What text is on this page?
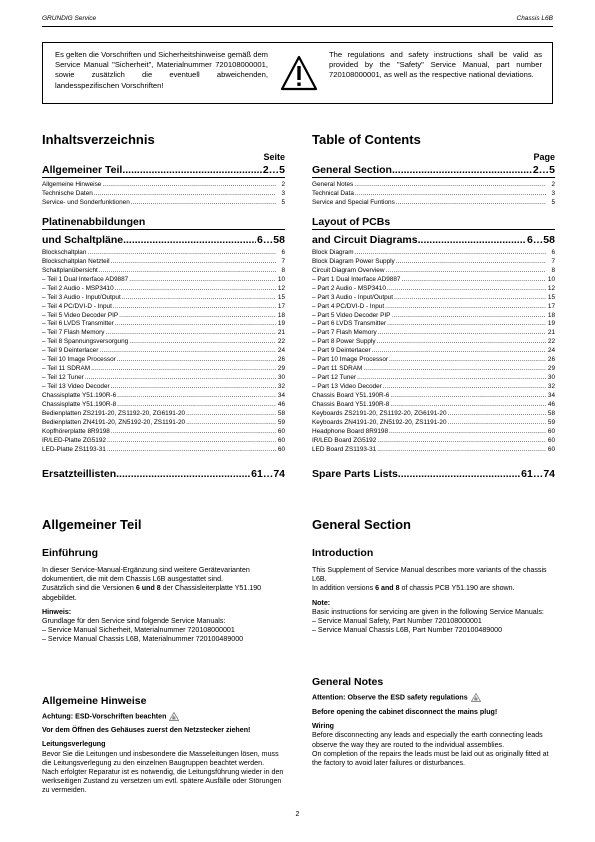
GRUNDIG Service	Chassis L6B
Es gelten die Vorschriften und Sicherheitshinweise gemäß dem Service Manual "Sicherheit", Materialnummer 720108000001, sowie zusätzlich die eventuell abweichenden, landesspezifischen Vorschriften!
The regulations and safety instructions shall be valid as provided by the "Safety" Service Manual, part number 720108000001, as well as the respective national deviations.
Inhaltsverzeichnis
Seite
Allgemeiner Teil .....	2…5
Allgemeine Hinweise .....	2
Technische Daten .....	3
Service- und Sonderfunktionen .....	5
Platinenabbildungen
und Schaltpläne .....	6…58
Blockschaltplan .....	6
Blockschaltplan Netzteil .....	7
Schaltplanübersicht .....	8
– Teil 1 Dual Interface AD9887 .....	10
– Teil 2 Audio - MSP3410 .....	12
– Teil 3 Audio - Input/Output .....	15
– Teil 4 PC/DVI-D - Input .....	17
– Teil 5 Video Decoder PIP .....	18
– Teil 6 LVDS Transmitter .....	19
– Teil 7 Flash Memory .....	21
– Teil 8 Spannungsversorgung .....	22
– Teil 9 Deinterlacer .....	24
– Teil 10 Image Processor .....	26
– Teil 11 SDRAM .....	29
– Teil 12 Tuner .....	30
– Teil 13 Video Decoder .....	32
Chassisplatte Y51.190R-6 .....	34
Chassisplatte Y51.190R-8 .....	46
Bedienplatten ZS2191-20, ZS1192-20, ZG6191-20 .....	58
Bedienplatten ZN4191-20, ZN5192-20, ZS1191-20 .....	59
Kopfhörerplatte 8R9198 .....	60
IR/LED-Platte ZG5192 .....	60
LED-Platte ZS1193-31 .....	60
Ersatzteillisten .....	61…74
Table of Contents
Page
General Section .....	2…5
General Notes .....	2
Technical Data .....	3
Service and Special Funtions .....	5
Layout of PCBs
and Circuit Diagrams .....	6…58
Block Diagram .....	6
Block Diagram Power Supply .....	7
Circuit Diagram Overview .....	8
– Part 1 Dual Interface AD9887 .....	10
– Part 2 Audio - MSP3410 .....	12
– Part 3 Audio - Input/Output .....	15
– Part 4 PC/DVI-D - Input .....	17
– Part 5 Video Decoder PIP .....	18
– Part 6 LVDS Transmitter .....	19
– Part 7 Flash Memory .....	21
– Part 8 Power Supply .....	22
– Part 9 Deinterlacer .....	24
– Part 10 Image Processor .....	26
– Part 11 SDRAM .....	29
– Part 12 Tuner .....	30
– Part 13 Video Decoder .....	32
Chassis Board Y51.190R-6 .....	34
Chassis Board Y51.190R-8 .....	46
Keyboards ZS2191-20, ZS1192-20, ZG6191-20 .....	58
Keyboards ZN4191-20, ZN5192-20, ZS1191-20 .....	59
Headphone Board 8R9198 .....	60
IR/LED Board ZG5192 .....	60
LED Board ZS1193-31 .....	60
Spare Parts Lists .....	61…74
Allgemeiner Teil
Einführung

In dieser Service-Manual-Ergänzung sind weitere Gerätevarianten dokumentiert, die mit dem Chassis L6B ausgestattet sind.

Zusätzlich sind die Versionen 6 und 8 der Chassisleiterplatte Y51.190 abgebildet.

Hinweis:

Grundlage für den Service sind folgende Service Manuals:

– Service Manual Sicherheit, Materialnummer 720108000001

– Service Manual Chassis L6B, Materialnummer 720100489000

Allgemeine Hinweise

Achtung: ESD-Vorschriften beachten

Vor dem Öffnen des Gehäuses zuerst den Netzstecker ziehen!

Leitungsverlegung

Bevor Sie die Leitungen und insbesondere die Masseleitungen lösen, muss die Leitungsverlegung zu den einzelnen Baugruppen beachtet werden.

Nach erfolgter Reparatur ist es notwendig, die Leitungsführung wieder in den werkseitigen Zustand zu versetzen um evtl. spätere Ausfälle oder Störungen zu vermeiden.

General Section
Introduction

This Supplement of Service Manual describes more variants of the chassis L6B.

In addition versions 6 and 8 of chassis PCB Y51.190 are shown.

Note:

Basic instructions for servicing are given in the following Service Manuals:

– Service Manual Safety, Part Number 720108000001

– Service Manual Chassis L6B, Part Number 720100489000

General Notes

Attention: Observe the ESD safety regulations

Before opening the cabinet disconnect the mains plug!

Wiring

Before disconnecting any leads and especially the earth connecting leads observe the way they are routed to the individual assemblies.

On completion of the repairs the leads must be laid out as originally fitted at the factory to avoid later failures or disturbances.

2
